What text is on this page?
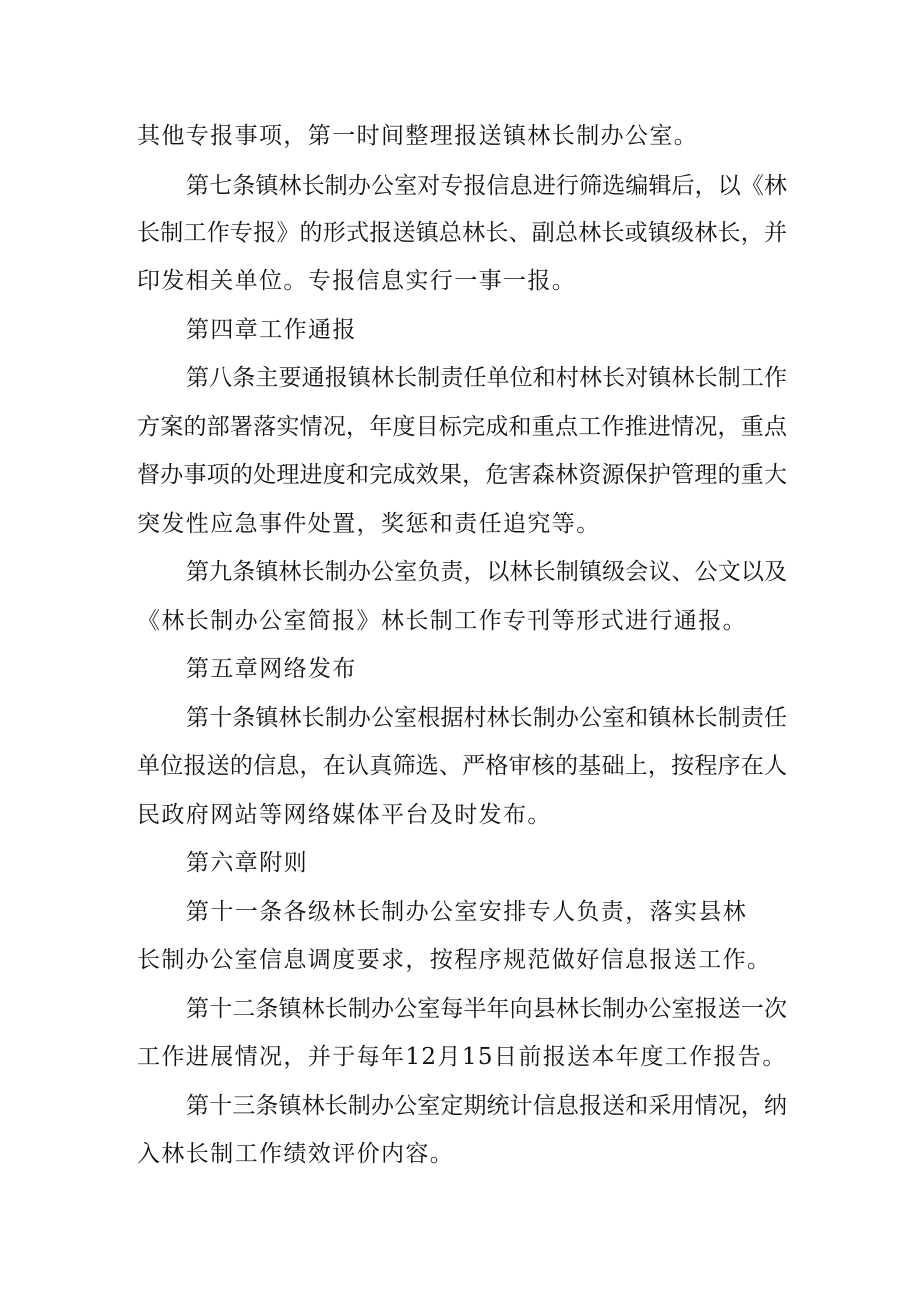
其他专报事项，第一时间整理报送镇林长制办公室。
第七条镇林长制办公室对专报信息进行筛选编辑后，以《林
长制工作专报》的形式报送镇总林长、副总林长或镇级林长，并
印发相关单位。专报信息实行一事一报。
第四章工作通报
第八条主要通报镇林长制责任单位和村林长对镇林长制工作
方案的部署落实情况，年度目标完成和重点工作推进情况，重点
督办事项的处理进度和完成效果，危害森林资源保护管理的重大
突发性应急事件处置，奖惩和责任追究等。
第九条镇林长制办公室负责，以林长制镇级会议、公文以及
《林长制办公室简报》林长制工作专刊等形式进行通报。
第五章网络发布
第十条镇林长制办公室根据村林长制办公室和镇林长制责任
单位报送的信息，在认真筛选、严格审核的基础上，按程序在人
民政府网站等网络媒体平台及时发布。
第六章附则
第十一条各级林长制办公室安排专人负责，落实县林
长制办公室信息调度要求，按程序规范做好信息报送工作。
第十二条镇林长制办公室每半年向县林长制办公室报送一次
工作进展情况，并于每年12月15日前报送本年度工作报告。
第十三条镇林长制办公室定期统计信息报送和采用情况，纳
入林长制工作绩效评价内容。
